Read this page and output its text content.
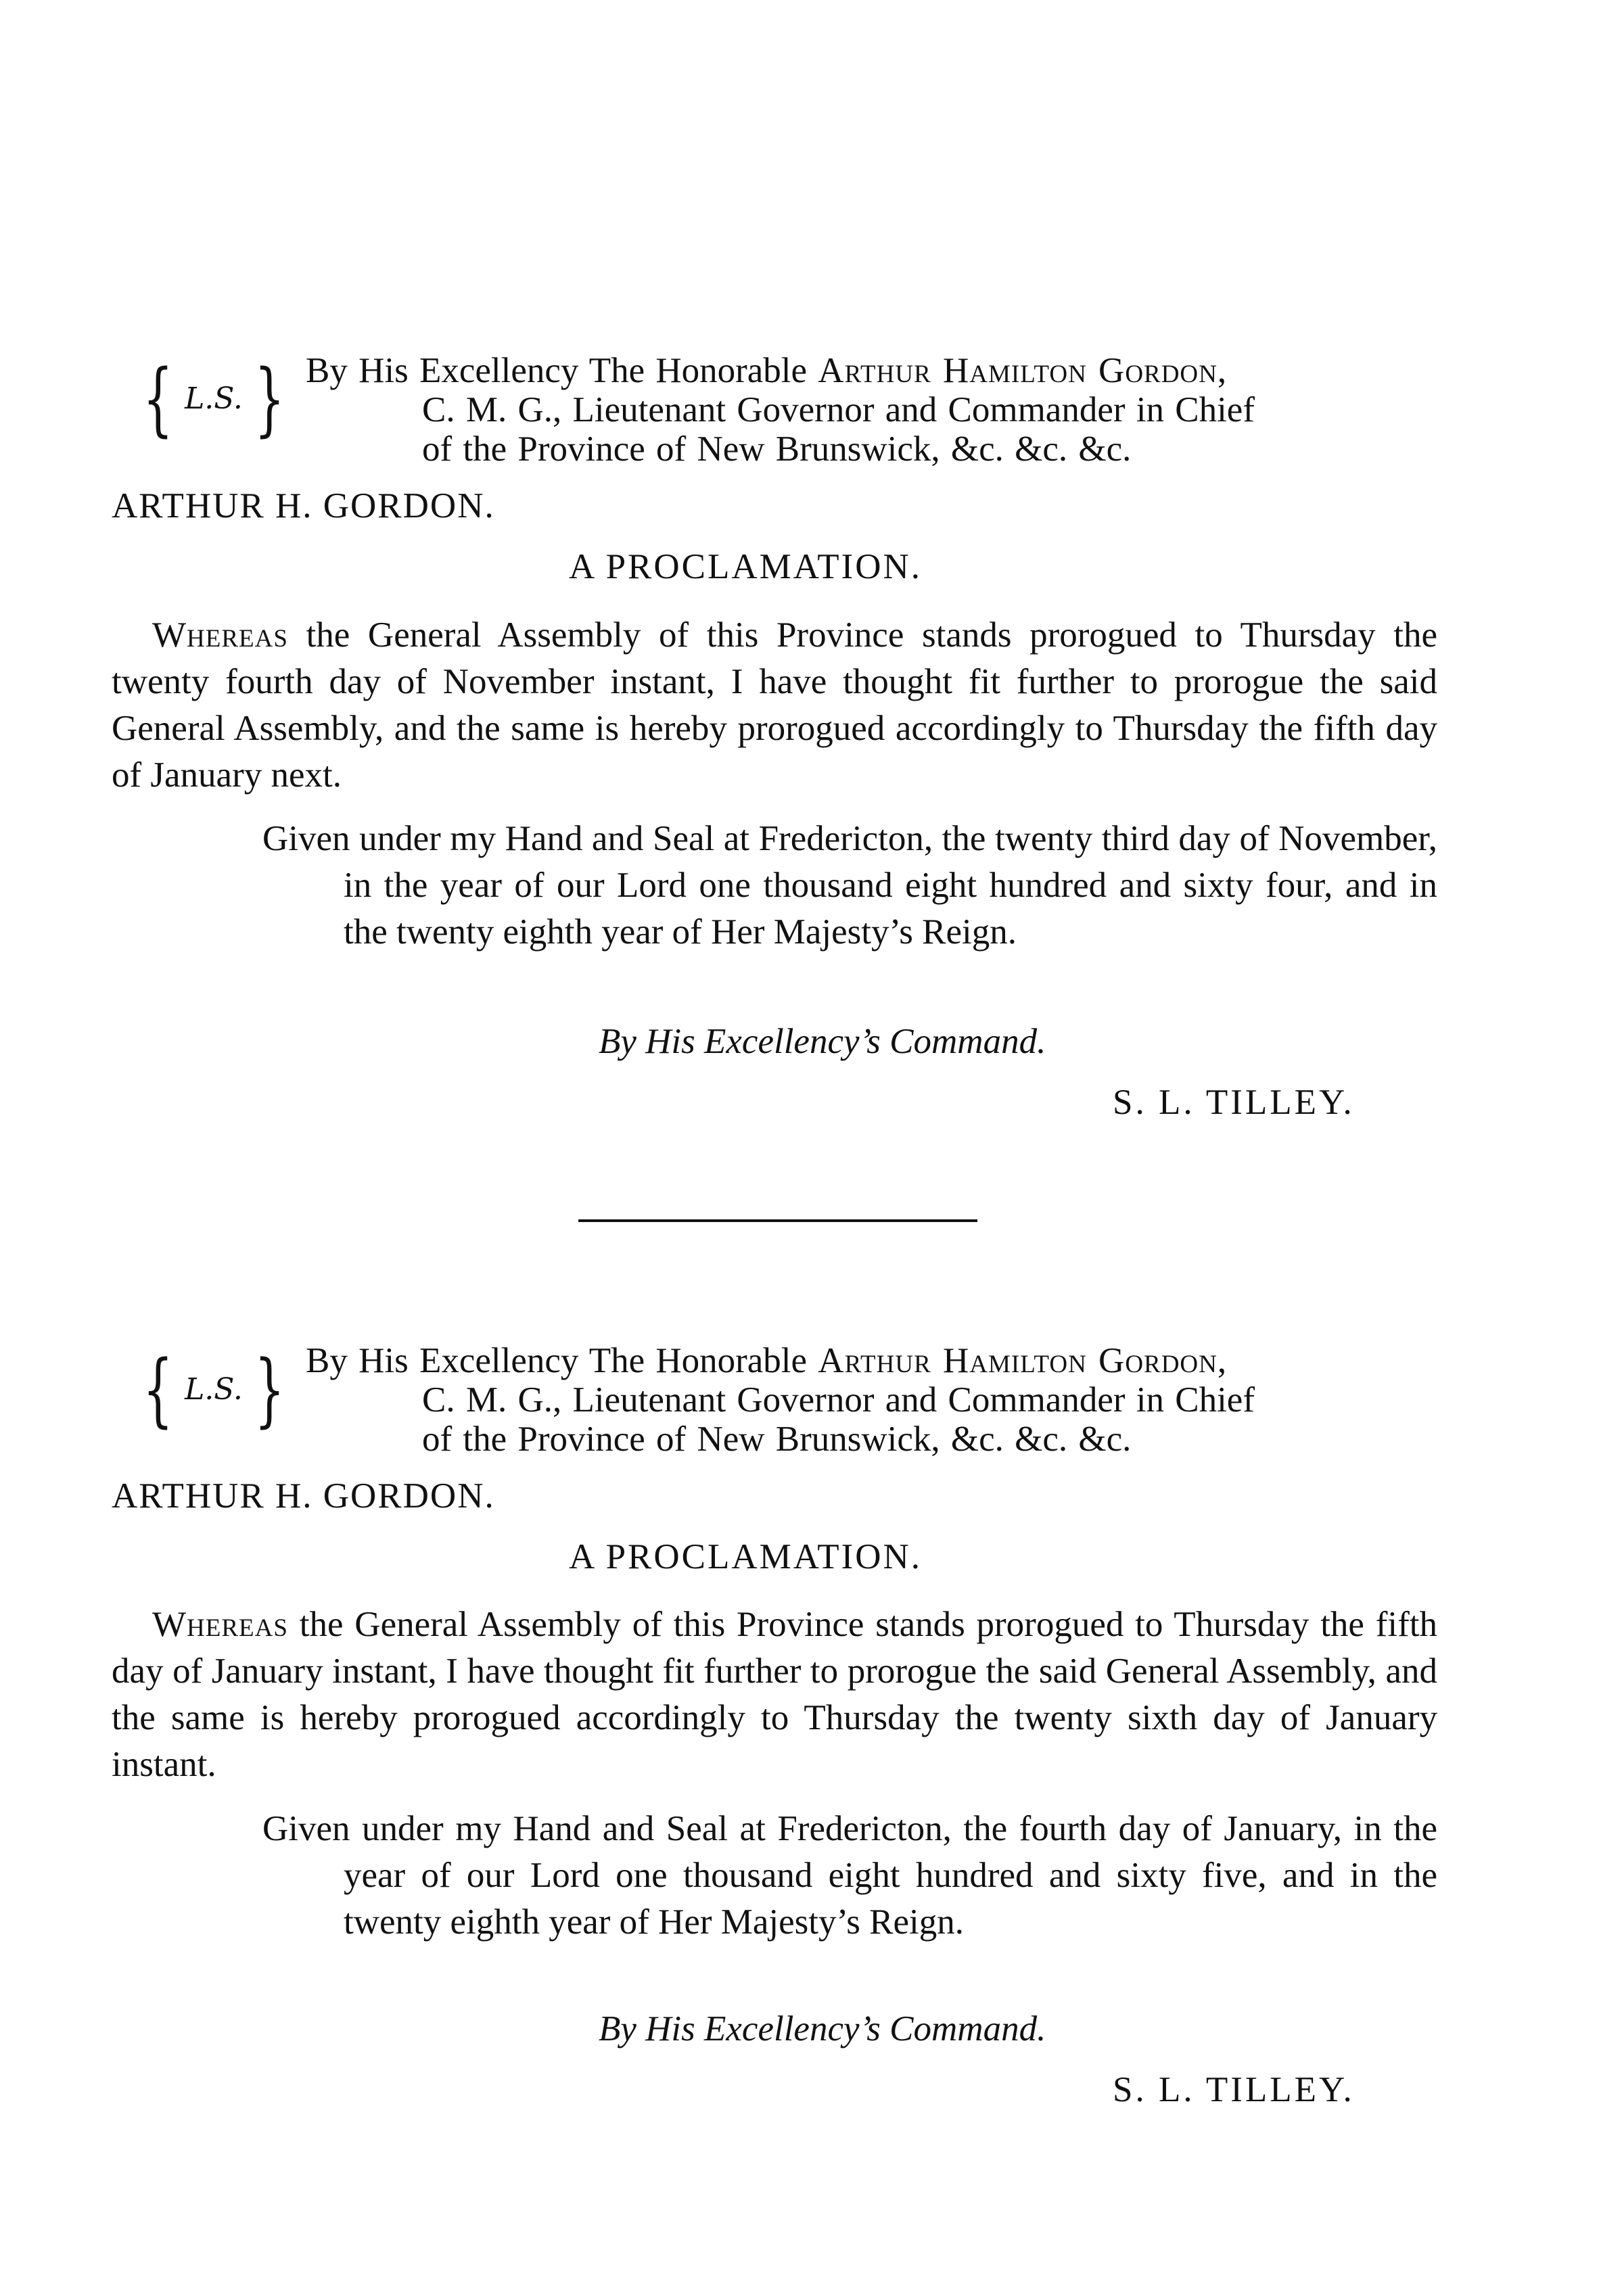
{ L.S. } By His Excellency The Honorable Arthur Hamilton Gordon,
C. M. G., Lieutenant Governor and Commander in Chief
of the Province of New Brunswick, &c. &c. &c.
ARTHUR H. GORDON.
A PROCLAMATION.

Whereas the General Assembly of this Province stands prorogued to Thursday the twenty fourth day of November instant, I have thought fit further to prorogue the said General Assembly, and the same is hereby prorogued accordingly to Thursday the fifth day of January next.

Given under my Hand and Seal at Fredericton, the twenty third day of November, in the year of our Lord one thousand eight hundred and sixty four, and in the twenty eighth year of Her Majesty’s Reign.
By His Excellency’s Command.
S. L. TILLEY.
{ L.S. } By His Excellency The Honorable Arthur Hamilton Gordon,
C. M. G., Lieutenant Governor and Commander in Chief
of the Province of New Brunswick, &c. &c. &c.
ARTHUR H. GORDON.
A PROCLAMATION.

Whereas the General Assembly of this Province stands prorogued to Thursday the fifth day of January instant, I have thought fit further to prorogue the said General Assembly, and the same is hereby prorogued accordingly to Thursday the twenty sixth day of January instant.

Given under my Hand and Seal at Fredericton, the fourth day of January, in the year of our Lord one thousand eight hundred and sixty five, and in the twenty eighth year of Her Majesty’s Reign.
By His Excellency’s Command.
S. L. TILLEY.
